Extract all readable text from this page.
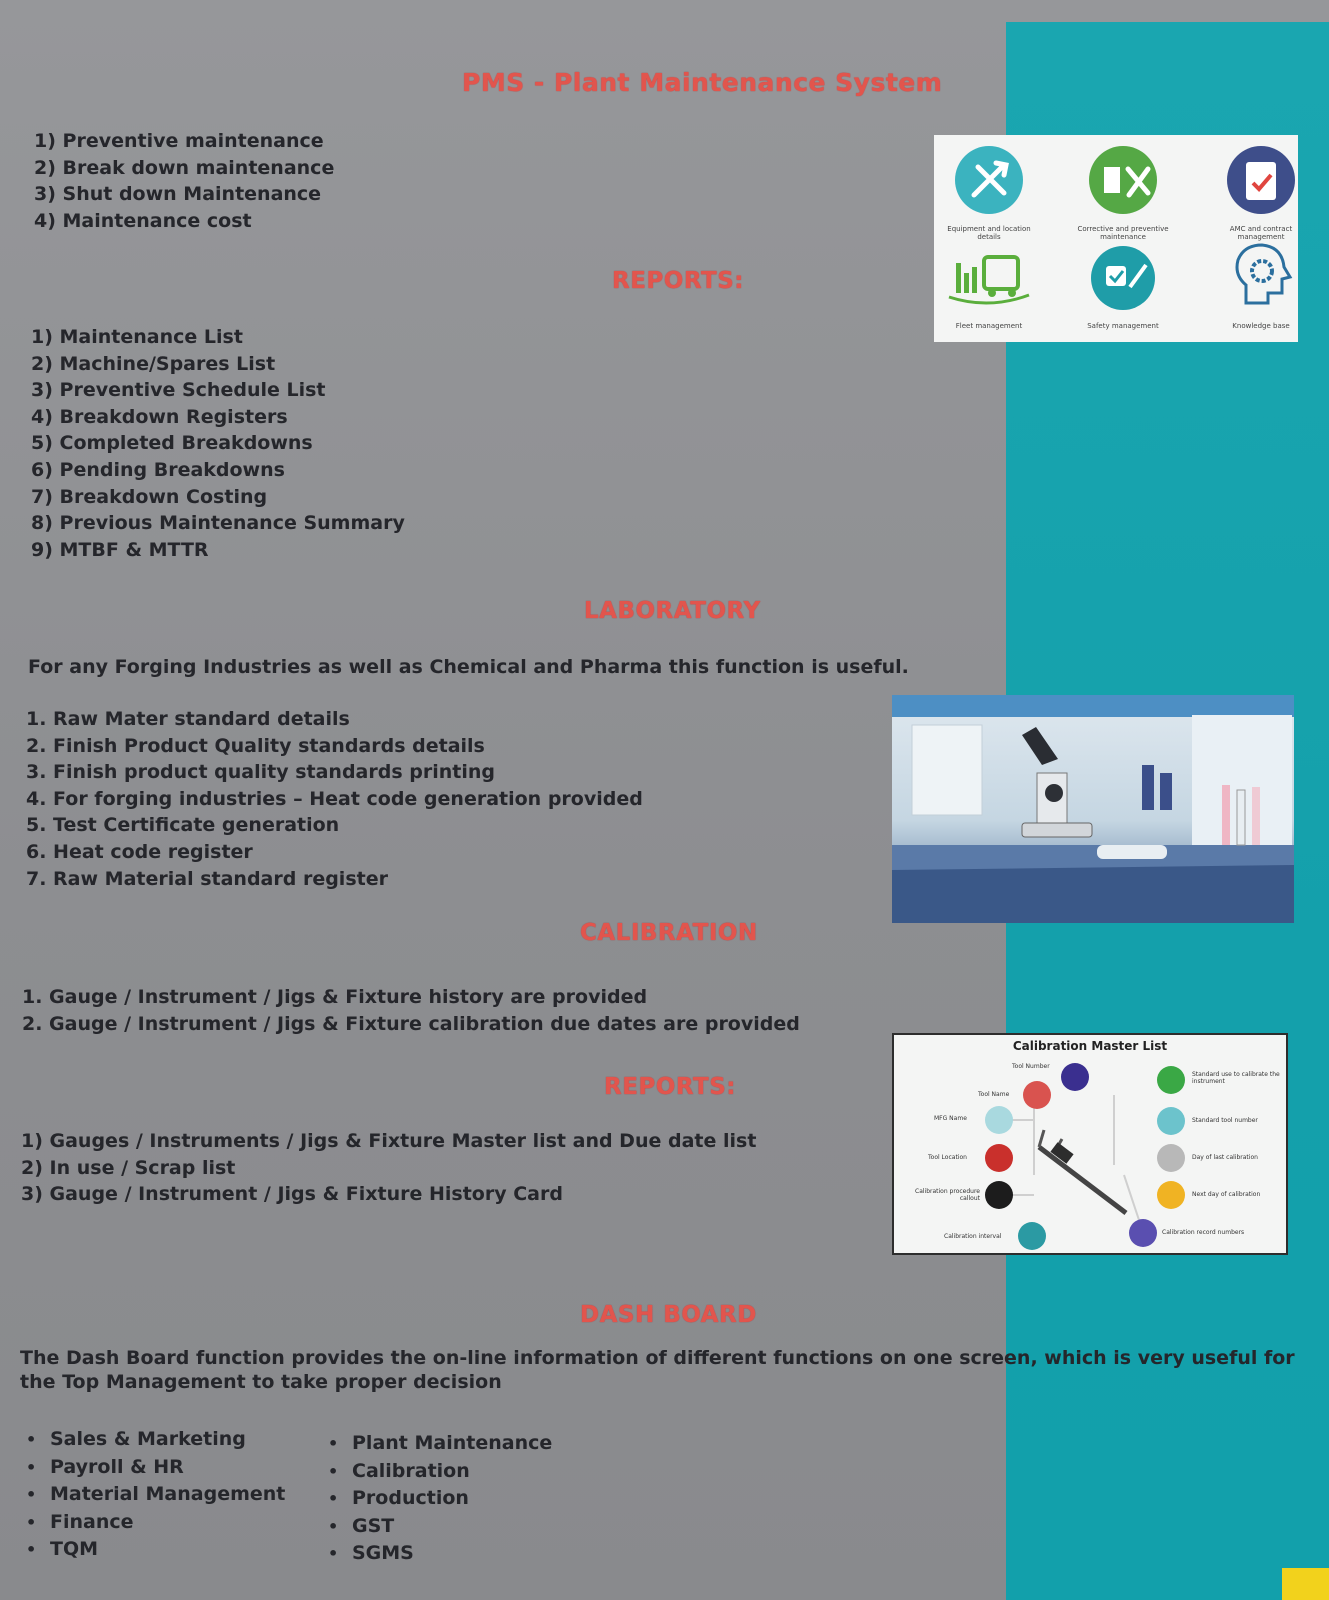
PMS - Plant Maintenance System
1) Preventive maintenance
2) Break down maintenance
3) Shut down Maintenance
4) Maintenance cost
REPORTS:
1) Maintenance List
2) Machine/Spares List
3) Preventive Schedule List
4) Breakdown Registers
5) Completed Breakdowns
6) Pending Breakdowns
7) Breakdown Costing
8) Previous Maintenance Summary
9) MTBF & MTTR
Equipment and location details
Corrective and preventive maintenance
AMC and contract management
Fleet management	Safety management	Knowledge base
LABORATORY
For any Forging Industries as well as Chemical and Pharma this function is useful.
1. Raw Mater standard details
2. Finish Product Quality standards details
3. Finish product quality standards printing
4. For forging industries – Heat code generation provided
5. Test Certificate generation
6. Heat code register
7. Raw Material standard register
CALIBRATION
1. Gauge / Instrument / Jigs & Fixture history are provided
2. Gauge / Instrument / Jigs & Fixture calibration due dates are provided
REPORTS:
1) Gauges / Instruments / Jigs & Fixture Master list and Due date list
2) In use / Scrap list
3) Gauge / Instrument / Jigs & Fixture History Card
Calibration Master List
Tool Number
Tool Name
MFG Name
Tool Location
Calibration procedure callout
Calibration interval
Standard use to calibrate the instrument
Standard tool number
Day of last calibration
Next day of calibration
Calibration record numbers
DASH BOARD
The Dash Board function provides the on-line information of different functions on one screen, which is very useful for the Top Management to take proper decision
• Sales & Marketing
• Payroll & HR
• Material Management
• Finance
• TQM
• Plant Maintenance
• Calibration
• Production
• GST
• SGMS
